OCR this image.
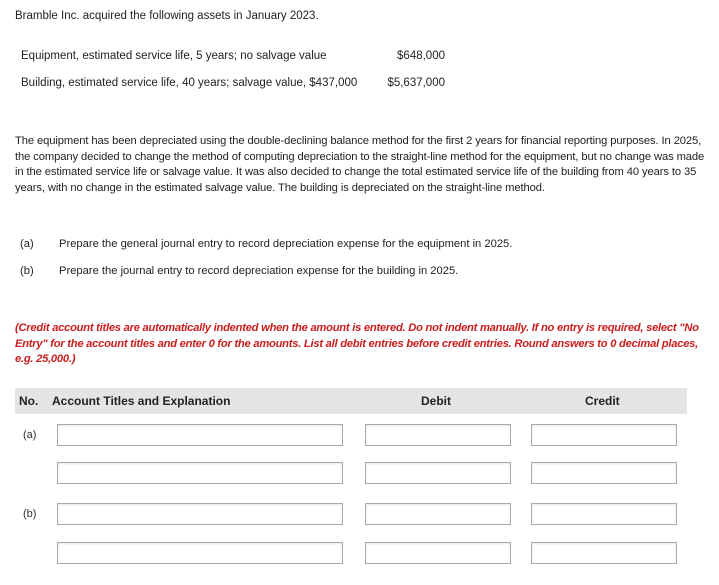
Bramble Inc. acquired the following assets in January 2023.
Equipment, estimated service life, 5 years; no salvage value	$648,000
Building, estimated service life, 40 years; salvage value, $437,000	$5,637,000
The equipment has been depreciated using the double-declining balance method for the first 2 years for financial reporting purposes. In 2025, the company decided to change the method of computing depreciation to the straight-line method for the equipment, but no change was made in the estimated service life or salvage value. It was also decided to change the total estimated service life of the building from 40 years to 35 years, with no change in the estimated salvage value. The building is depreciated on the straight-line method.
(a) Prepare the general journal entry to record depreciation expense for the equipment in 2025.
(b) Prepare the journal entry to record depreciation expense for the building in 2025.
(Credit account titles are automatically indented when the amount is entered. Do not indent manually. If no entry is required, select "No Entry" for the account titles and enter 0 for the amounts. List all debit entries before credit entries. Round answers to 0 decimal places, e.g. 25,000.)
No. Account Titles and Explanation	Debit	Credit
(a)
(b)
